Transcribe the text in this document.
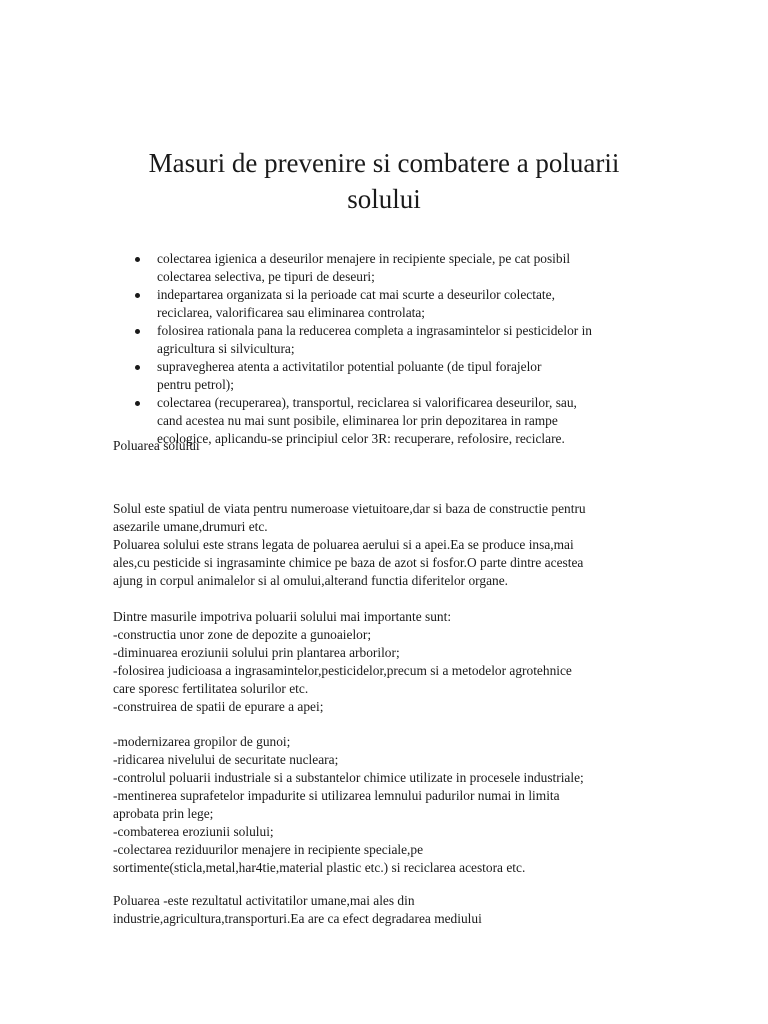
Masuri de prevenire si combatere a poluarii
solului
colectarea igienica a deseurilor menajere in recipiente speciale, pe cat posibil
colectarea selectiva, pe tipuri de deseuri;
indepartarea organizata si la perioade cat mai scurte a deseurilor colectate,
reciclarea, valorificarea sau eliminarea controlata;
folosirea rationala pana la reducerea completa a ingrasamintelor si pesticidelor in
agricultura si silvicultura;
supravegherea atenta a activitatilor potential poluante (de tipul forajelor
pentru petrol);
colectarea (recuperarea), transportul, reciclarea si valorificarea deseurilor, sau,
cand acestea nu mai sunt posibile, eliminarea lor prin depozitarea in rampe
ecologice, aplicandu-se principiul celor 3R: recuperare, refolosire, reciclare.
Poluarea solului
Solul este spatiul de viata pentru numeroase vietuitoare,dar si baza de constructie pentru
asezarile umane,drumuri etc.
Poluarea solului este strans legata de poluarea aerului si a apei.Ea se produce insa,mai
ales,cu pesticide si ingrasaminte chimice pe baza de azot si fosfor.O parte dintre acestea
ajung in corpul animalelor si al omului,alterand functia diferitelor organe.
Dintre masurile impotriva poluarii solului mai importante sunt:
-constructia unor zone de depozite a gunoaielor;
-diminuarea eroziunii solului prin plantarea arborilor;
-folosirea judicioasa a ingrasamintelor,pesticidelor,precum si a metodelor agrotehnice
care sporesc fertilitatea solurilor etc.
-construirea de spatii de epurare a apei;
-modernizarea gropilor de gunoi;
-ridicarea nivelului de securitate nucleara;
-controlul poluarii industriale si a substantelor chimice utilizate in procesele industriale;
-mentinerea suprafetelor impadurite si utilizarea lemnului padurilor numai in limita
aprobata prin lege;
-combaterea eroziunii solului;
-colectarea reziduurilor menajere in recipiente speciale,pe
sortimente(sticla,metal,har4tie,material plastic etc.) si reciclarea acestora etc.
Poluarea -este rezultatul activitatilor umane,mai ales din
industrie,agricultura,transporturi.Ea are ca efect degradarea mediului
